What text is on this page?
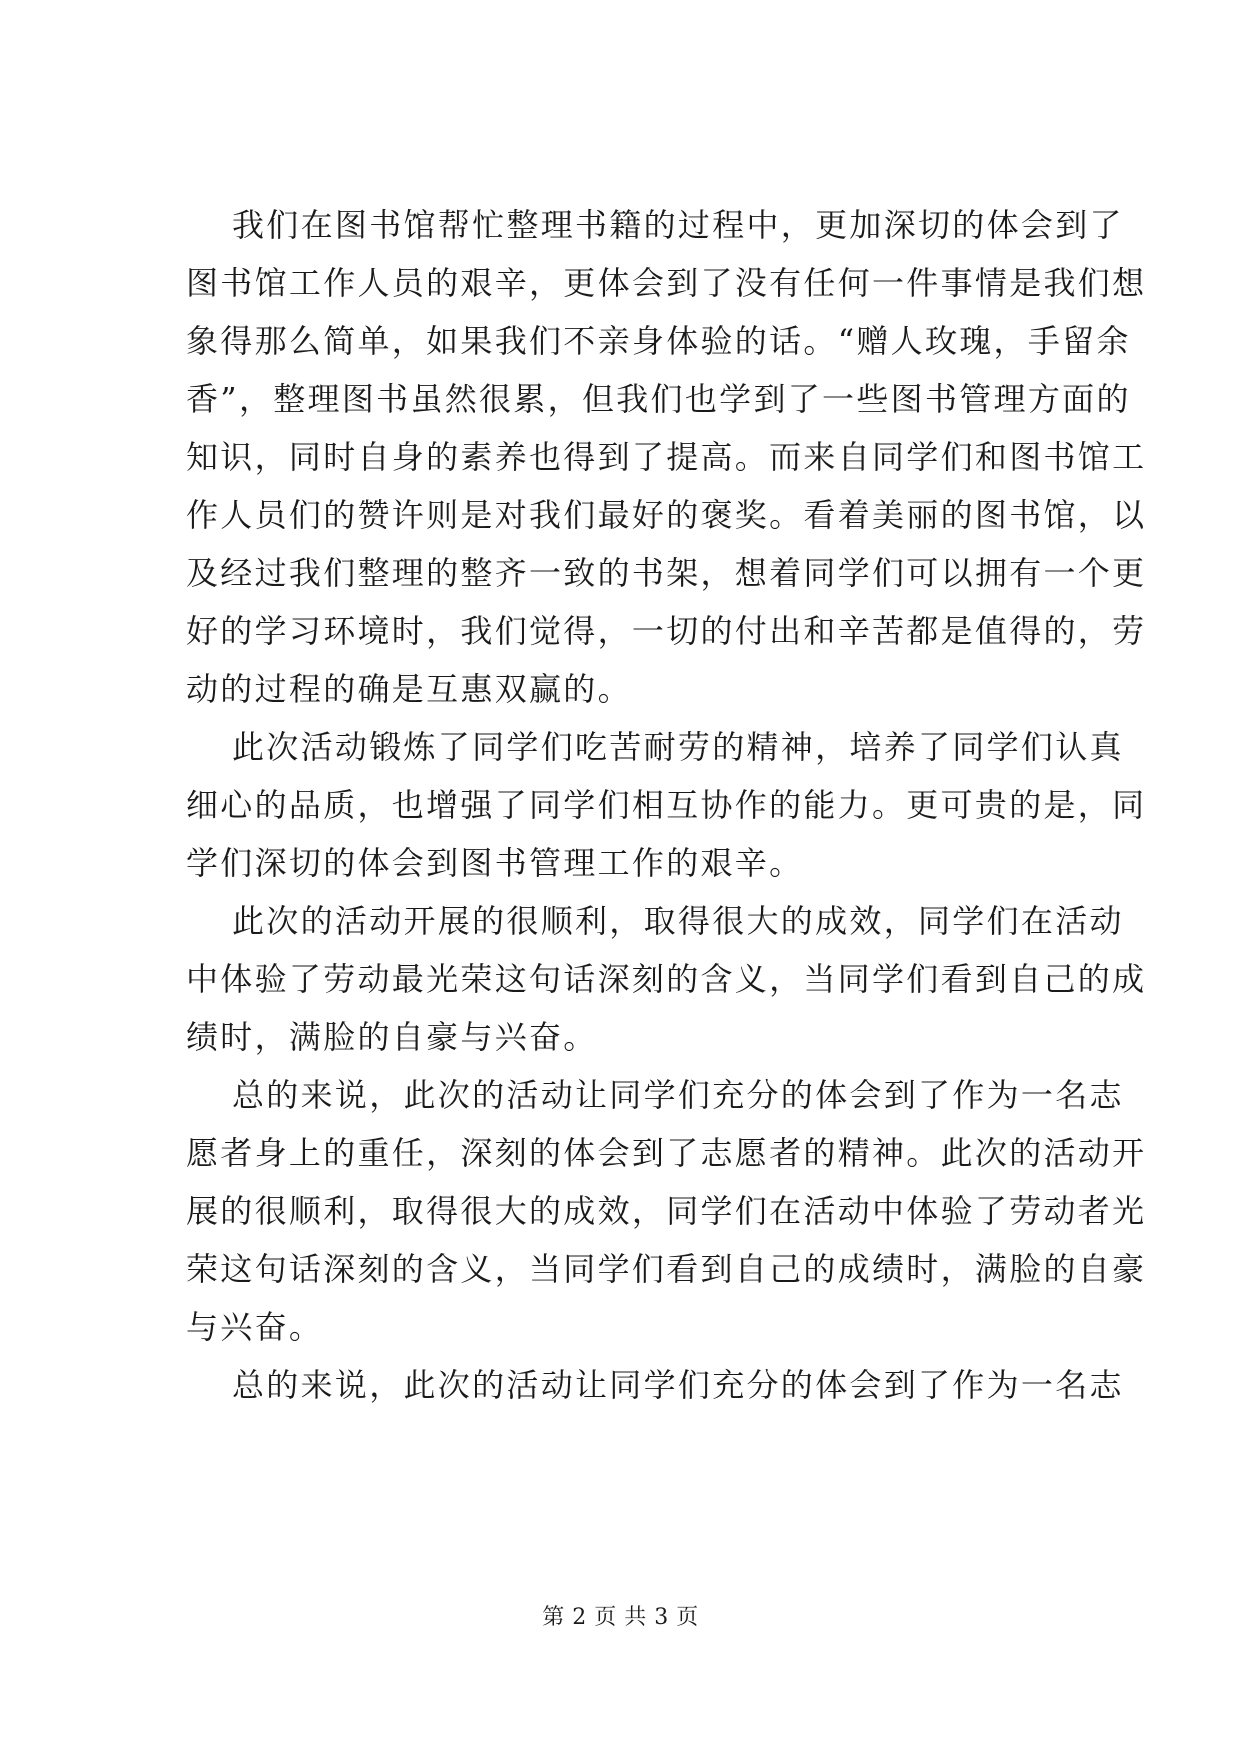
我们在图书馆帮忙整理书籍的过程中，更加深切的体会到了
图书馆工作人员的艰辛，更体会到了没有任何一件事情是我们想
象得那么简单，如果我们不亲身体验的话。“赠人玫瑰，手留余
香”，整理图书虽然很累，但我们也学到了一些图书管理方面的
知识，同时自身的素养也得到了提高。而来自同学们和图书馆工
作人员们的赞许则是对我们最好的褒奖。看着美丽的图书馆，以
及经过我们整理的整齐一致的书架，想着同学们可以拥有一个更
好的学习环境时，我们觉得，一切的付出和辛苦都是值得的，劳
动的过程的确是互惠双赢的。
此次活动锻炼了同学们吃苦耐劳的精神，培养了同学们认真
细心的品质，也增强了同学们相互协作的能力。更可贵的是，同
学们深切的体会到图书管理工作的艰辛。
此次的活动开展的很顺利，取得很大的成效，同学们在活动
中体验了劳动最光荣这句话深刻的含义，当同学们看到自己的成
绩时，满脸的自豪与兴奋。
总的来说，此次的活动让同学们充分的体会到了作为一名志
愿者身上的重任，深刻的体会到了志愿者的精神。此次的活动开
展的很顺利，取得很大的成效，同学们在活动中体验了劳动者光
荣这句话深刻的含义，当同学们看到自己的成绩时，满脸的自豪
与兴奋。
总的来说，此次的活动让同学们充分的体会到了作为一名志
第 2 页 共 3 页
